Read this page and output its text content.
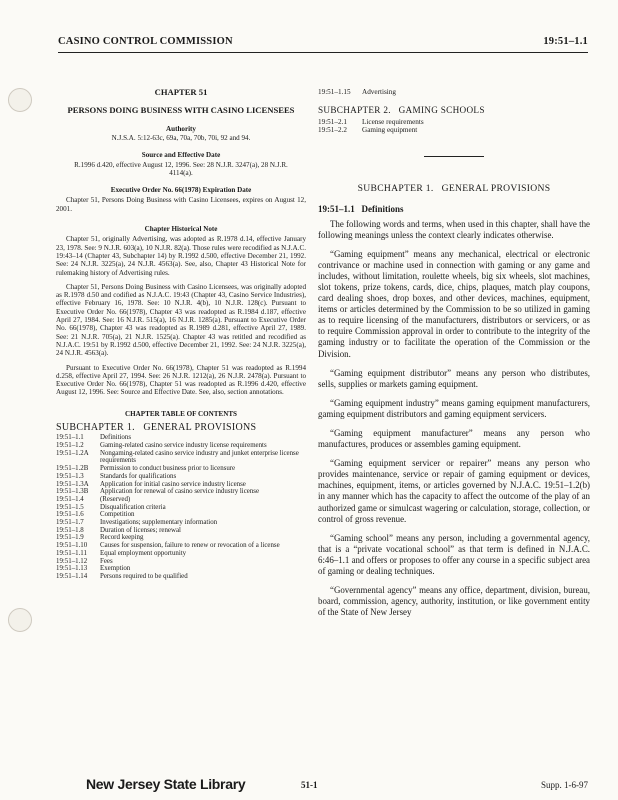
CASINO CONTROL COMMISSION	19:51–1.1
CHAPTER 51
PERSONS DOING BUSINESS WITH CASINO LICENSEES
Authority
N.J.S.A. 5:12-63c, 69a, 70a, 70b, 70i, 92 and 94.
Source and Effective Date
R.1996 d.420, effective August 12, 1996. See: 28 N.J.R. 3247(a), 28 N.J.R. 4114(a).
Executive Order No. 66(1978) Expiration Date

Chapter 51, Persons Doing Business with Casino Licensees, expires on August 12, 2001.

Chapter Historical Note

Chapter 51, originally Advertising, was adopted as R.1978 d.14, effective January 23, 1978. See: 9 N.J.R. 603(a), 10 N.J.R. 82(a). Those rules were recodified as N.J.A.C. 19:43–14 (Chapter 43, Subchapter 14) by R.1992 d.500, effective December 21, 1992. See: 24 N.J.R. 3225(a), 24 N.J.R. 4563(a). See, also, Chapter 43 Historical Note for rulemaking history of Advertising rules.

Chapter 51, Persons Doing Business with Casino Licensees, was originally adopted as R.1978 d.50 and codified as N.J.A.C. 19:43 (Chapter 43, Casino Service Industries), effective February 16, 1978. See: 10 N.J.R. 4(b), 10 N.J.R. 128(c). Pursuant to Executive Order No. 66(1978), Chapter 43 was readopted as R.1984 d.187, effective April 27, 1984. See: 16 N.J.R. 515(a), 16 N.J.R. 1285(a). Pursuant to Executive Order No. 66(1978), Chapter 43 was readopted as R.1989 d.281, effective April 27, 1989. See: 21 N.J.R. 705(a), 21 N.J.R. 1525(a). Chapter 43 was retitled and recodified as N.J.A.C. 19:51 by R.1992 d.500, effective December 21, 1992. See: 24 N.J.R. 3225(a), 24 N.J.R. 4563(a).

Pursuant to Executive Order No. 66(1978), Chapter 51 was readopted as R.1994 d.258, effective April 27, 1994. See: 26 N.J.R. 1212(a), 26 N.J.R. 2478(a). Pursuant to Executive Order No. 66(1978), Chapter 51 was readopted as R.1996 d.420, effective August 12, 1996. See: Source and Effective Date. See, also, section annotations.

CHAPTER TABLE OF CONTENTS
SUBCHAPTER 1.   GENERAL PROVISIONS
19:51–1.1	Definitions
19:51–1.2	Gaming-related casino service industry license requirements
19:51–1.2A	Nongaming-related casino service industry and junket enterprise license requirements
19:51–1.2B	Permission to conduct business prior to licensure
19:51–1.3	Standards for qualifications
19:51–1.3A	Application for initial casino service industry license
19:51–1.3B	Application for renewal of casino service industry license
19:51–1.4	(Reserved)
19:51–1.5	Disqualification criteria
19:51–1.6	Competition
19:51–1.7	Investigations; supplementary information
19:51–1.8	Duration of licenses; renewal
19:51–1.9	Record keeping
19:51–1.10	Causes for suspension, failure to renew or revocation of a license
19:51–1.11	Equal employment opportunity
19:51–1.12	Fees
19:51–1.13	Exemption
19:51–1.14	Persons required to be qualified
19:51–1.15	Advertising
SUBCHAPTER 2.   GAMING SCHOOLS
19:51–2.1	License requirements
19:51–2.2	Gaming equipment
SUBCHAPTER 1.   GENERAL PROVISIONS
19:51–1.1   Definitions

The following words and terms, when used in this chapter, shall have the following meanings unless the context clearly indicates otherwise.

“Gaming equipment” means any mechanical, electrical or electronic contrivance or machine used in connection with gaming or any game and includes, without limitation, roulette wheels, big six wheels, slot machines, slot tokens, prize tokens, cards, dice, chips, plaques, match play coupons, card dealing shoes, drop boxes, and other devices, machines, equipment, items or articles determined by the Commission to be so utilized in gaming as to require licensing of the manufacturers, distributors or servicers, or as to require Commission approval in order to contribute to the integrity of the gaming industry or to facilitate the operation of the Commission or the Division.

“Gaming equipment distributor” means any person who distributes, sells, supplies or markets gaming equipment.

“Gaming equipment industry” means gaming equipment manufacturers, gaming equipment distributors and gaming equipment servicers.

“Gaming equipment manufacturer” means any person who manufactures, produces or assembles gaming equipment.

“Gaming equipment servicer or repairer” means any person who provides maintenance, service or repair of gaming equipment or devices, machines, equipment, items, or articles governed by N.J.A.C. 19:51–1.2(b) in any manner which has the capacity to affect the outcome of the play of an authorized game or simulcast wagering or calculation, storage, collection, or control of gross revenue.

“Gaming school” means any person, including a governmental agency, that is a “private vocational school” as that term is defined in N.J.A.C. 6:46–1.1 and offers or proposes to offer any course in a specific subject area of gaming or dealing techniques.

“Governmental agency” means any office, department, division, bureau, board, commission, agency, authority, institution, or like government entity of the State of New Jersey

New Jersey State Library	51-1	Supp. 1-6-97
